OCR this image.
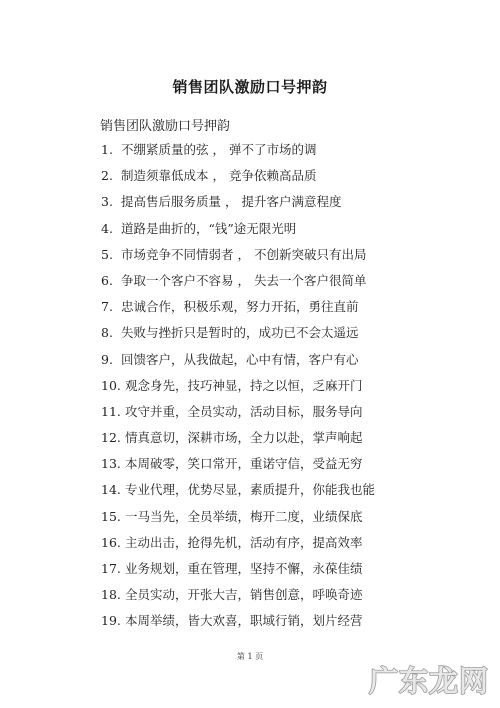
销售团队激励口号押韵
销售团队激励口号押韵
1. 不绷紧质量的弦 ， 弹不了市场的调
2. 制造须靠低成本 ， 竞争依赖高品质
3. 提高售后服务质量 ， 提升客户满意程度
4. 道路是曲折的，“钱”途无限光明
5. 市场竞争不同情弱者 ， 不创新突破只有出局
6. 争取一个客户不容易 ， 失去一个客户很简单
7. 忠诚合作，积极乐观，努力开拓，勇往直前
8. 失败与挫折只是暂时的，成功已不会太遥远
9. 回馈客户，从我做起，心中有情，客户有心
10. 观念身先，技巧神显，持之以恒，乏麻开门
11. 攻守并重，全员实动，活动目标，服务导向
12. 情真意切，深耕市场，全力以赴，掌声响起
13. 本周破零，笑口常开，重诺守信，受益无穷
14. 专业代理，优势尽显，素质提升，你能我也能
15. 一马当先，全员举绩，梅开二度，业绩保底
16. 主动出击，抢得先机，活动有序，提高效率
17. 业务规划，重在管理，坚持不懈，永葆佳绩
18. 全员实动，开张大吉，销售创意，呼唤奇迹
19. 本周举绩，皆大欢喜，职域行销，划片经营
第 1 页
广东龙网
